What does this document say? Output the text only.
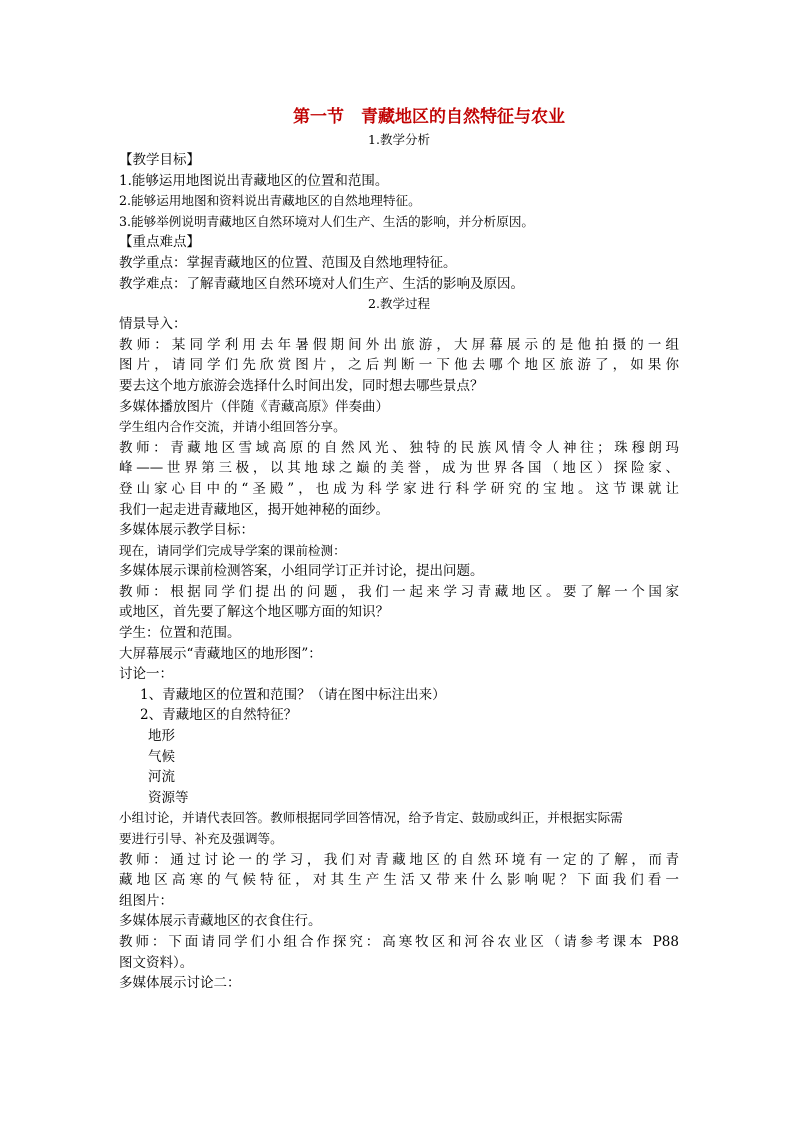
第一节　青藏地区的自然特征与农业
1.教学分析
【教学目标】
1.能够运用地图说出青藏地区的位置和范围。
2.能够运用地图和资料说出青藏地区的自然地理特征。
3.能够举例说明青藏地区自然环境对人们生产、生活的影响，并分析原因。
【重点难点】
教学重点：掌握青藏地区的位置、范围及自然地理特征。
教学难点：了解青藏地区自然环境对人们生产、生活的影响及原因。
2.教学过程
情景导入：
教师：某同学利用去年暑假期间外出旅游，大屏幕展示的是他拍摄的一组
图片，请同学们先欣赏图片，之后判断一下他去哪个地区旅游了，如果你
要去这个地方旅游会选择什么时间出发，同时想去哪些景点？
多媒体播放图片（伴随《青藏高原》伴奏曲）
学生组内合作交流，并请小组回答分享。
教师：青藏地区雪域高原的自然风光、独特的民族风情令人神往；珠穆朗玛
峰——世界第三极，以其地球之巅的美誉，成为世界各国（地区）探险家、
登山家心目中的“圣殿”，也成为科学家进行科学研究的宝地。这节课就让
我们一起走进青藏地区，揭开她神秘的面纱。
多媒体展示教学目标：
现在，请同学们完成导学案的课前检测：
多媒体展示课前检测答案，小组同学订正并讨论，提出问题。
教师：根据同学们提出的问题，我们一起来学习青藏地区。要了解一个国家
或地区，首先要了解这个地区哪方面的知识？
学生：位置和范围。
大屏幕展示“青藏地区的地形图”：
讨论一：
1、青藏地区的位置和范围？（请在图中标注出来）
2、青藏地区的自然特征？
地形
气候
河流
资源等
小组讨论，并请代表回答。教师根据同学回答情况，给予肯定、鼓励或纠正，并根据实际需
要进行引导、补充及强调等。
教师：通过讨论一的学习，我们对青藏地区的自然环境有一定的了解，而青
藏地区高寒的气候特征，对其生产生活又带来什么影响呢？下面我们看一
组图片：
多媒体展示青藏地区的衣食住行。
教师：下面请同学们小组合作探究：高寒牧区和河谷农业区（请参考课本 P88
图文资料）。
多媒体展示讨论二：
